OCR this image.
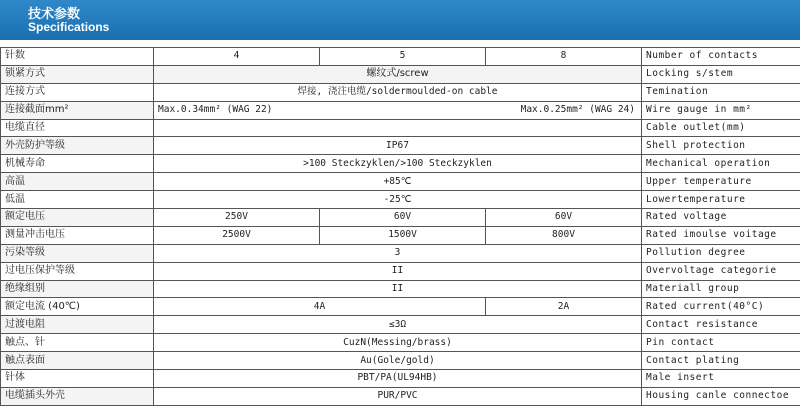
技术参数
Specifications
针数	4	5	8	Number of contacts
锁紧方式	螺纹式/screw			Locking s/stem
连接方式	焊接, 浇注电缆/soldermoulded-on cable			Temination
连接截面mm²	Max.0.34mm² (WAG 22)		Max.0.25mm² (WAG 24)	Wire gauge in mm²
电缆直径				Cable outlet(mm)
外壳防护等级	IP67			Shell protection
机械寿命	>100 Steckzyklen/>100 Steckzyklen			Mechanical operation
高温	+85℃			Upper temperature
低温	-25℃			Lowertemperature
额定电压	250V	60V	60V	Rated voltage
测量冲击电压	2500V	1500V	800V	Rated imoulse voitage
污染等级	3			Pollution degree
过电压保护等级	II			Overvoltage categorie
绝缘组别	II			Materiall group
额定电流 (40℃)	4A		2A	Rated current(40°C)
过渡电阻	≤3Ω			Contact resistance
触点、针	CuzN(Messing/brass)			Pin contact
触点表面	Au(Gole/gold)			Contact plating
针体	PBT/PA(UL94HB)			Male insert
电缆插头外壳	PUR/PVC			Housing canle connectoe
